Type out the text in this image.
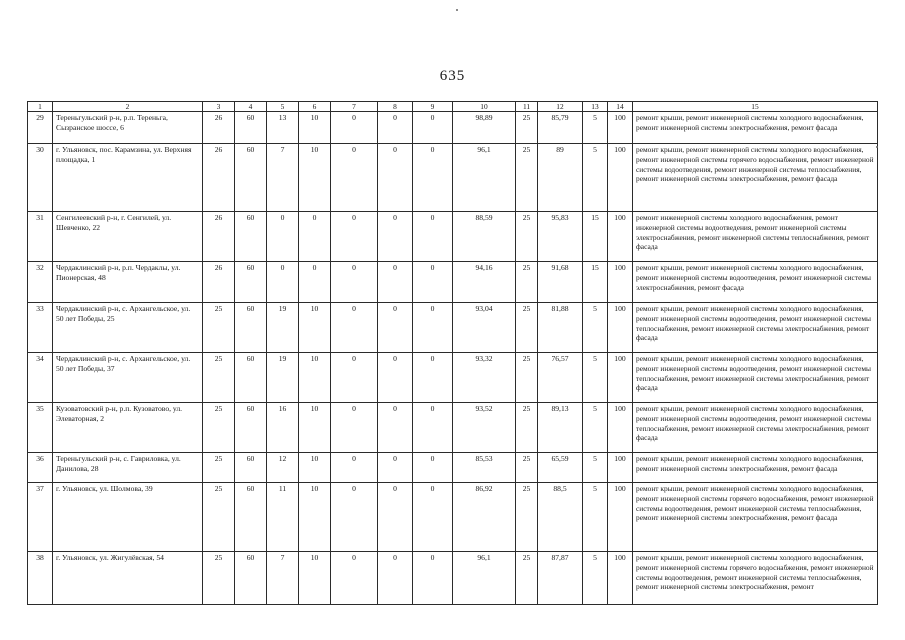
635
1	2	3	4	5	6	7	8	9	10	11	12	13	14	15
29	Тереньгульский р-н, р.п. Тереньга, Сызранское шоссе, 6	26	60	13	10	0	0	0	98,89	25	85,79	5	100	ремонт крыши, ремонт инженерной системы холодного водоснабжения, ремонт инженерной системы электроснабжения, ремонт фасада
30	г. Ульяновск, пос. Карамзина, ул. Верхняя площадка, 1	26	60	7	10	0	0	0	96,1	25	89	5	100	ремонт крыши, ремонт инженерной системы холодного водоснабжения, ремонт инженерной системы горячего водоснабжения, ремонт инженерной системы водоотведения, ремонт инженерной системы теплоснабжения, ремонт инженерной системы электроснабжения, ремонт фасада
31	Сенгилеевский р-н, г. Сенгилей, ул. Шевченко, 22	26	60	0	0	0	0	0	88,59	25	95,83	15	100	ремонт инженерной системы холодного водоснабжения, ремонт инженерной системы водоотведения, ремонт инженерной системы электроснабжения, ремонт инженерной системы теплоснабжения, ремонт фасада
32	Чердаклинский р-н, р.п. Чердаклы, ул. Пионерская, 48	26	60	0	0	0	0	0	94,16	25	91,68	15	100	ремонт крыши, ремонт инженерной системы холодного водоснабжения, ремонт инженерной системы водоотведения, ремонт инженерной системы электроснабжения, ремонт фасада
33	Чердаклинский р-н, с. Архангельское, ул. 50 лет Победы, 25	25	60	19	10	0	0	0	93,04	25	81,88	5	100	ремонт крыши, ремонт инженерной системы холодного водоснабжения, ремонт инженерной системы водоотведения, ремонт инженерной системы теплоснабжения, ремонт инженерной системы электроснабжения, ремонт фасада
34	Чердаклинский р-н, с. Архангельское, ул. 50 лет Победы, 37	25	60	19	10	0	0	0	93,32	25	76,57	5	100	ремонт крыши, ремонт инженерной системы холодного водоснабжения, ремонт инженерной системы водоотведения, ремонт инженерной системы теплоснабжения, ремонт инженерной системы электроснабжения, ремонт фасада
35	Кузоватовский р-н, р.п. Кузоватово, ул. Элеваторная, 2	25	60	16	10	0	0	0	93,52	25	89,13	5	100	ремонт крыши, ремонт инженерной системы холодного водоснабжения, ремонт инженерной системы водоотведения, ремонт инженерной системы теплоснабжения, ремонт инженерной системы электроснабжения, ремонт фасада
36	Тереньгульский р-н, с. Гавриловка, ул. Данилова, 28	25	60	12	10	0	0	0	85,53	25	65,59	5	100	ремонт крыши, ремонт инженерной системы холодного водоснабжения, ремонт инженерной системы электроснабжения, ремонт фасада
37	г. Ульяновск, ул. Шолмова, 39	25	60	11	10	0	0	0	86,92	25	88,5	5	100	ремонт крыши, ремонт инженерной системы холодного водоснабжения, ремонт инженерной системы горячего водоснабжения, ремонт инженерной системы водоотведения, ремонт инженерной системы теплоснабжения, ремонт инженерной системы электроснабжения, ремонт фасада
38	г. Ульяновск, ул. Жигулёвская, 54	25	60	7	10	0	0	0	96,1	25	87,87	5	100	ремонт крыши, ремонт инженерной системы холодного водоснабжения, ремонт инженерной системы горячего водоснабжения, ремонт инженерной системы водоотведения, ремонт инженерной системы теплоснабжения, ремонт инженерной системы электроснабжения, ремонт
